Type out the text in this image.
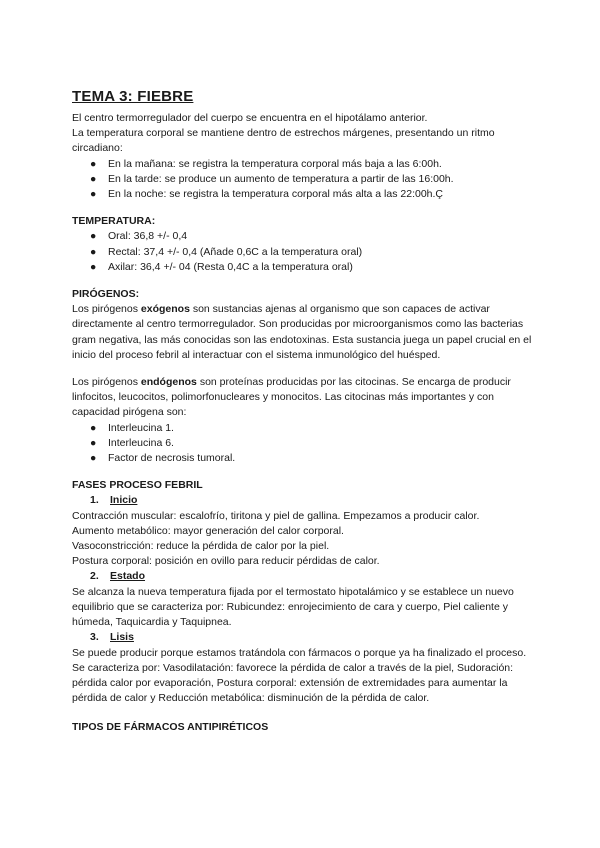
TEMA 3: FIEBRE

El centro termorregulador del cuerpo se encuentra en el hipotálamo anterior.

La temperatura corporal se mantiene dentro de estrechos márgenes, presentando un ritmo circadiano:

● En la mañana: se registra la temperatura corporal más baja a las 6:00h.
● En la tarde: se produce un aumento de temperatura a partir de las 16:00h.
● En la noche: se registra la temperatura corporal más alta a las 22:00h.Ç
TEMPERATURA:
● Oral: 36,8 +/- 0,4
● Rectal: 37,4 +/- 0,4 (Añade 0,6C a la temperatura oral)
● Axilar: 36,4 +/- 04 (Resta 0,4C a la temperatura oral)
PIRÓGENOS:

Los pirógenos exógenos son sustancias ajenas al organismo que son capaces de activar directamente al centro termorregulador. Son producidas por microorganismos como las bacterias gram negativa, las más conocidas son las endotoxinas. Esta sustancia juega un papel crucial en el inicio del proceso febril al interactuar con el sistema inmunológico del huésped.

Los pirógenos endógenos son proteínas producidas por las citocinas. Se encarga de producir linfocitos, leucocitos, polimorfonucleares y monocitos. Las citocinas más importantes y con capacidad pirógena son:

● Interleucina 1.
● Interleucina 6.
● Factor de necrosis tumoral.
FASES PROCESO FEBRIL
1. Inicio

Contracción muscular: escalofrío, tiritona y piel de gallina. Empezamos a producir calor.

Aumento metabólico: mayor generación del calor corporal.

Vasoconstricción: reduce la pérdida de calor por la piel.

Postura corporal: posición en ovillo para reducir pérdidas de calor.

2. Estado

Se alcanza la nueva temperatura fijada por el termostato hipotalámico y se establece un nuevo equilibrio que se caracteriza por: Rubicundez: enrojecimiento de cara y cuerpo, Piel caliente y húmeda, Taquicardia y Taquipnea.

3. Lisis

Se puede producir porque estamos tratándola con fármacos o porque ya ha finalizado el proceso. Se caracteriza por: Vasodilatación: favorece la pérdida de calor a través de la piel, Sudoración: pérdida calor por evaporación, Postura corporal: extensión de extremidades para aumentar la pérdida de calor y Reducción metabólica: disminución de la pérdida de calor.

TIPOS DE FÁRMACOS ANTIPIRÉTICOS
